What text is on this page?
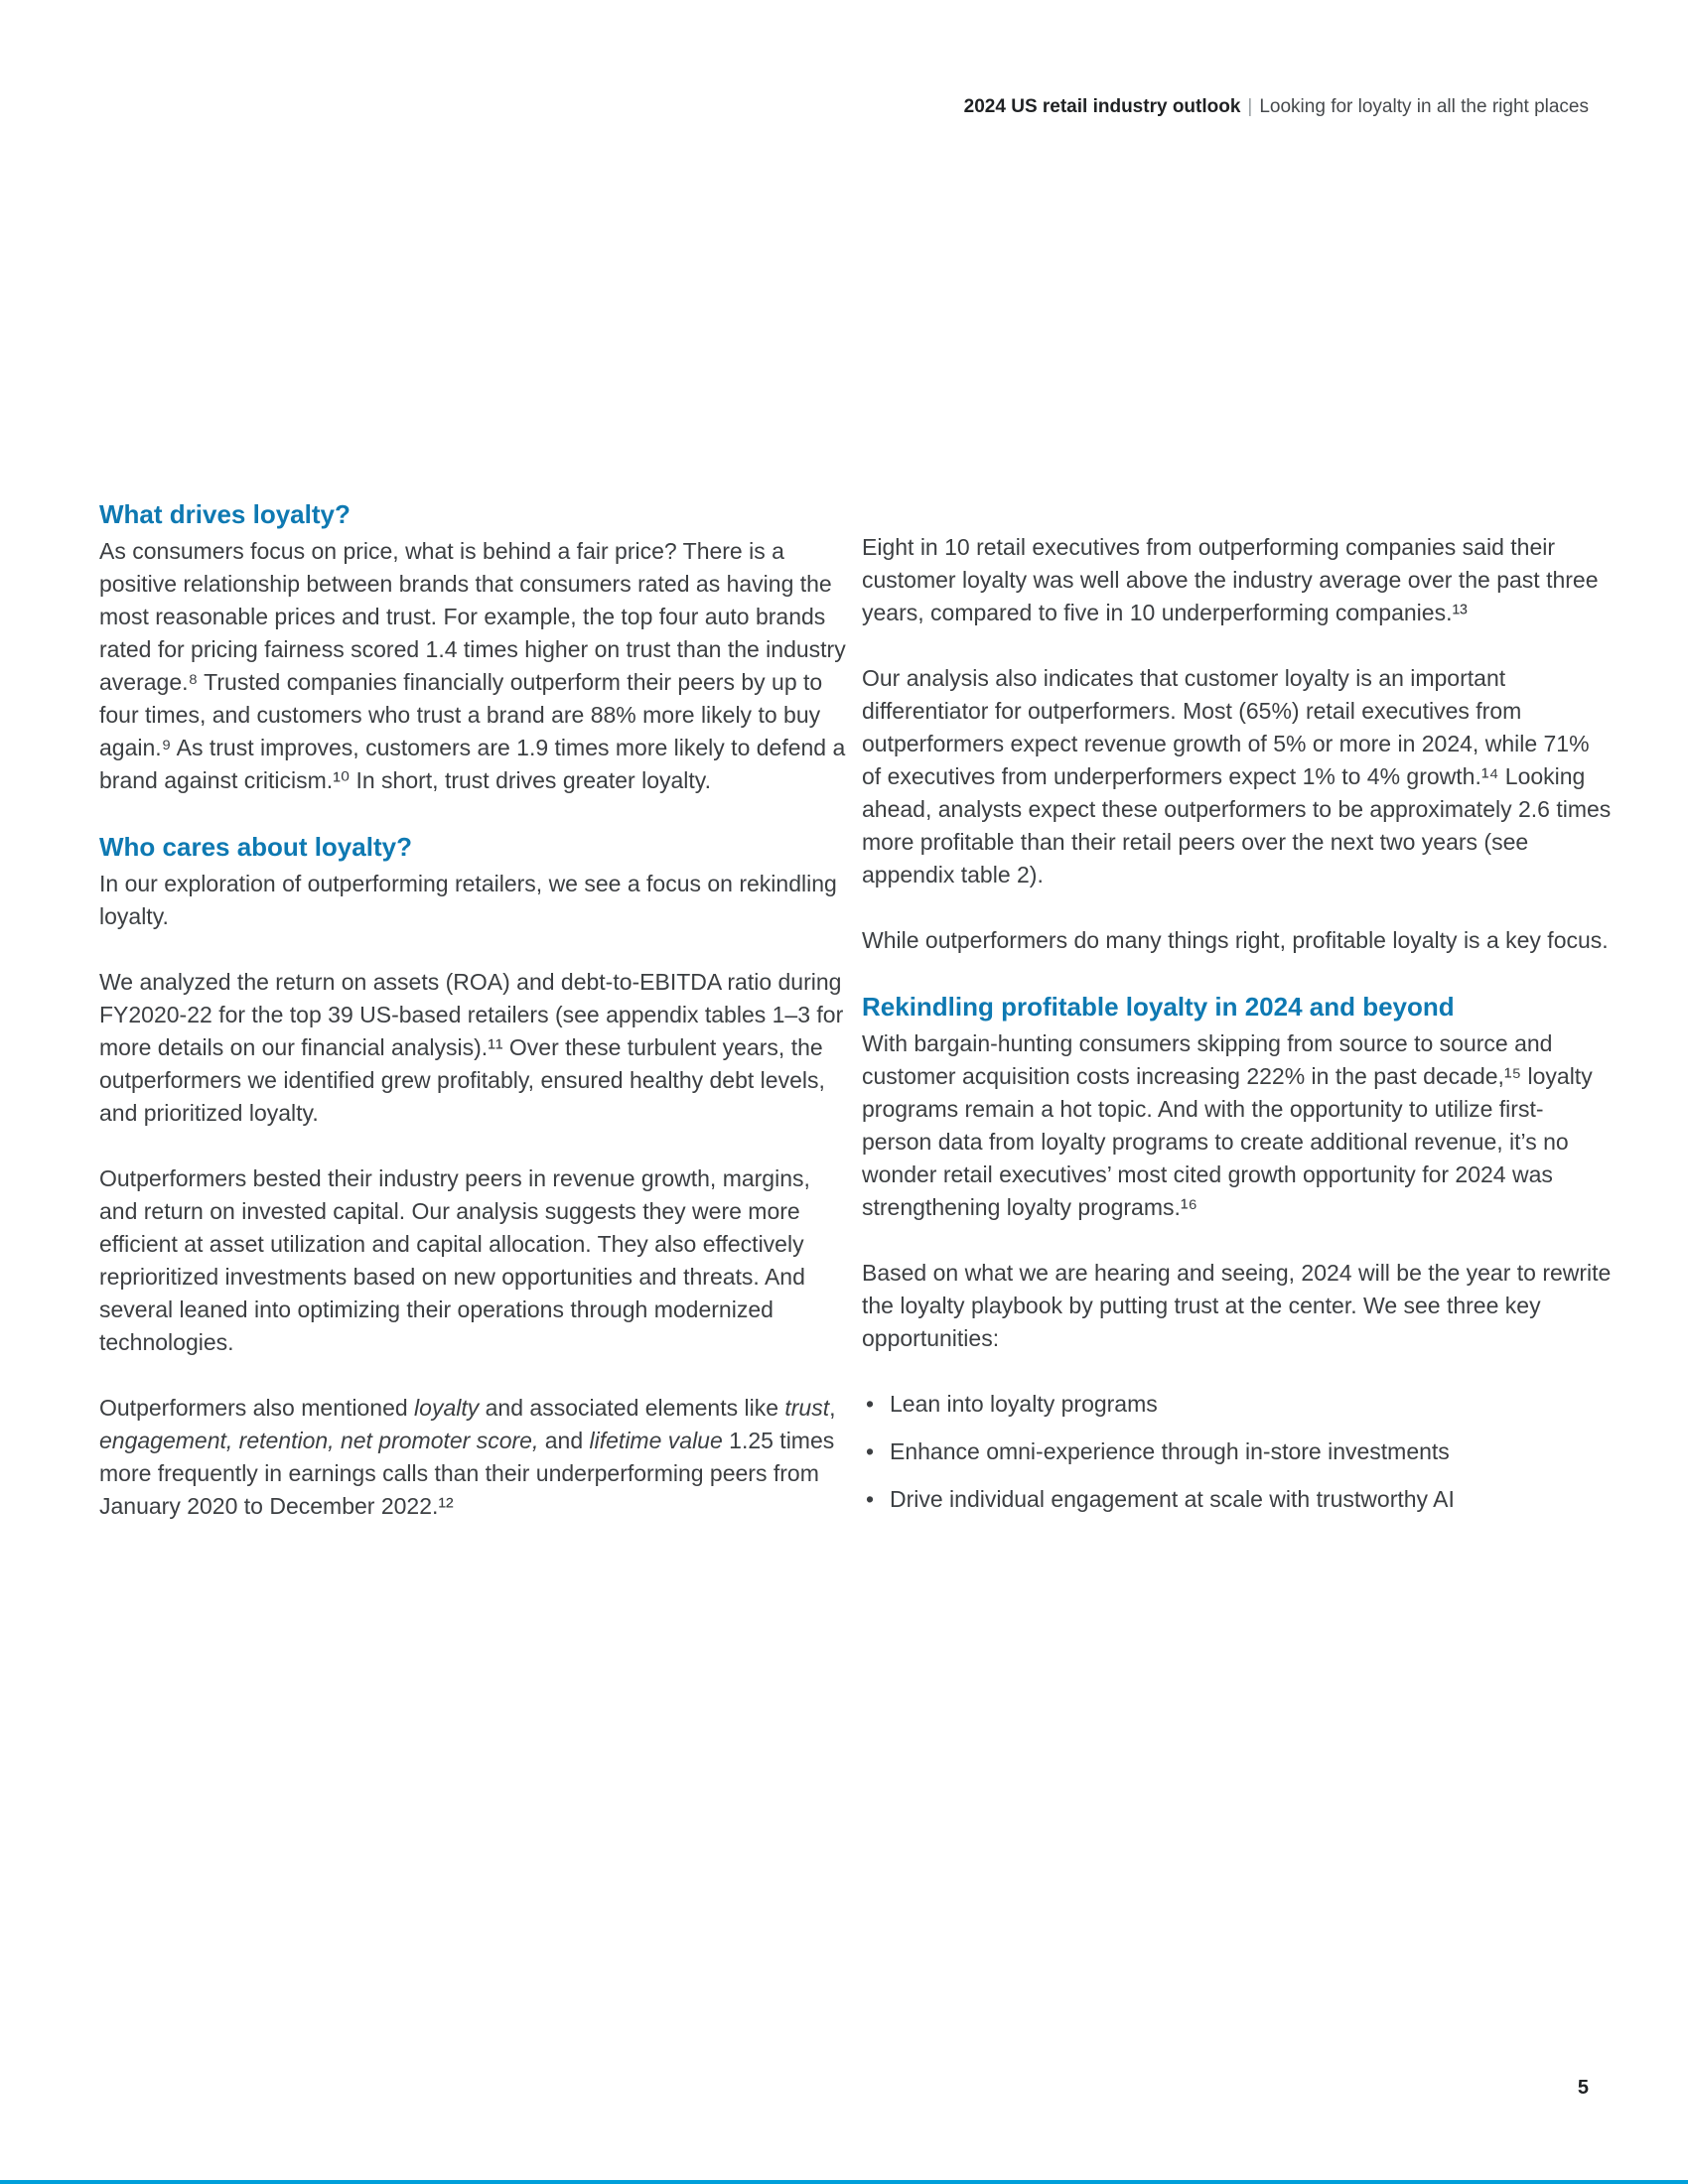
2024 US retail industry outlook | Looking for loyalty in all the right places
What drives loyalty?

As consumers focus on price, what is behind a fair price? There is a positive relationship between brands that consumers rated as having the most reasonable prices and trust. For example, the top four auto brands rated for pricing fairness scored 1.4 times higher on trust than the industry average.⁸ Trusted companies financially outperform their peers by up to four times, and customers who trust a brand are 88% more likely to buy again.⁹ As trust improves, customers are 1.9 times more likely to defend a brand against criticism.¹⁰ In short, trust drives greater loyalty.

Who cares about loyalty?

In our exploration of outperforming retailers, we see a focus on rekindling loyalty.

We analyzed the return on assets (ROA) and debt-to-EBITDA ratio during FY2020-22 for the top 39 US-based retailers (see appendix tables 1–3 for more details on our financial analysis).¹¹ Over these turbulent years, the outperformers we identified grew profitably, ensured healthy debt levels, and prioritized loyalty.

Outperformers bested their industry peers in revenue growth, margins, and return on invested capital. Our analysis suggests they were more efficient at asset utilization and capital allocation. They also effectively reprioritized investments based on new opportunities and threats. And several leaned into optimizing their operations through modernized technologies.

Outperformers also mentioned loyalty and associated elements like trust, engagement, retention, net promoter score, and lifetime value 1.25 times more frequently in earnings calls than their underperforming peers from January 2020 to December 2022.¹²

Eight in 10 retail executives from outperforming companies said their customer loyalty was well above the industry average over the past three years, compared to five in 10 underperforming companies.¹³

Our analysis also indicates that customer loyalty is an important differentiator for outperformers. Most (65%) retail executives from outperformers expect revenue growth of 5% or more in 2024, while 71% of executives from underperformers expect 1% to 4% growth.¹⁴ Looking ahead, analysts expect these outperformers to be approximately 2.6 times more profitable than their retail peers over the next two years (see appendix table 2).

While outperformers do many things right, profitable loyalty is a key focus.

Rekindling profitable loyalty in 2024 and beyond

With bargain-hunting consumers skipping from source to source and customer acquisition costs increasing 222% in the past decade,¹⁵ loyalty programs remain a hot topic. And with the opportunity to utilize first-person data from loyalty programs to create additional revenue, it’s no wonder retail executives’ most cited growth opportunity for 2024 was strengthening loyalty programs.¹⁶

Based on what we are hearing and seeing, 2024 will be the year to rewrite the loyalty playbook by putting trust at the center. We see three key opportunities:

• Lean into loyalty programs
• Enhance omni-experience through in-store investments
• Drive individual engagement at scale with trustworthy AI
5
